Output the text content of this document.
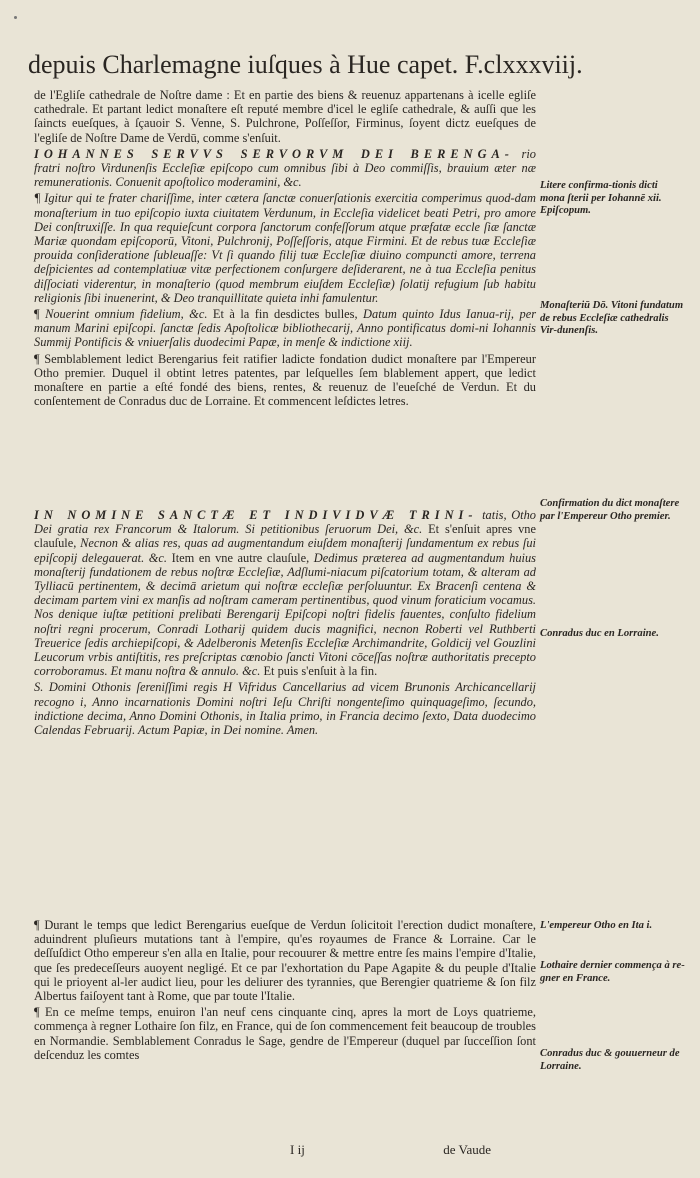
depuis Charlemagne iuſques à Hue capet. F.clxxxviij.

de l'Egliſe cathedrale de Noſtre dame : Et en partie des biens & reuenuz appartenans à icelle egliſe cathedrale. Et partant ledict monaſtere eſt reputé membre d'icel le egliſe cathedrale, & auſſi que les ſaincts eueſques, à ſçauoir S. Venne, S. Pulchrone, Poſſeſſor, Firminus, ſoyent dictz eueſques de l'egliſe de Noſtre Dame de Verdū, comme s'enſuit.

IOHANNES SERVVS SERVORVM DEI BERENGA- rio fratri noſtro Virdunenſis Eccleſiæ epiſcopo cum omnibus ſibi à Deo commiſſis, brauium æter næ remunerationis. Conuenit apoſtolico moderamini, &c.

¶ Igitur qui te frater chariſſime, inter cætera ſanctæ conuerſationis exercitia comperimus quod-dam monaſterium in tuo epiſcopio iuxta ciuitatem Verdunum, in Eccleſia videlicet beati Petri, pro amore Dei conſtruxiſſe. In qua requieſcunt corpora ſanctorum confeſſorum atque præfatæ eccle ſiæ ſanctæ Mariæ quondam epiſcoporū, Vitoni, Pulchronij, Poſſeſſoris, atque Firmini. Et de rebus tuæ Eccleſiæ prouida conſideratione ſubleuaſſe: Vt ſi quando filij tuæ Eccleſiæ diuino compuncti amore, terrena deſpicientes ad contemplatiuæ vitæ perfectionem conſurgere deſiderarent, ne à tua Eccleſia penitus diſſociati viderentur, in monaſterio (quod membrum eiuſdem Eccleſiæ) ſolatij refugium ſub habitu religionis ſibi inuenerint, & Deo tranquillitate quieta inhi famulentur.

¶ Nouerint omnium fidelium, &c. Et à la fin desdictes bulles, Datum quinto Idus Ianua-rij, per manum Marini epiſcopi. ſanctæ ſedis Apoſtolicæ bibliothecarij, Anno pontificatus domi-ni Iohannis Summij Pontificis & vniuerſalis duodecimi Papæ, in menſe & indictione xiij.

¶ Semblablement ledict Berengarius feit ratifier ladicte fondation dudict monaſtere par l'Empereur Otho premier. Duquel il obtint letres patentes, par leſquelles ſem blablement appert, que ledict monaſtere en partie a eſté fondé des biens, rentes, & reuenuz de l'eueſché de Verdun. Et du conſentement de Conradus duc de Lorraine. Et commencent leſdictes letres.

IN NOMINE SANCTÆ ET INDIVIDVÆ TRINI- tatis, Otho Dei gratia rex Francorum & Italorum. Si petitionibus ſeruorum Dei, &c. Et s'enſuit apres vne clauſule, Necnon & alias res, quas ad augmentandum eiuſdem monaſterij ſundamentum ex rebus ſui epiſcopij delegauerat. &c. Item en vne autre clauſule, Dedimus præterea ad augmentandum huius monaſterij fundationem de rebus noſtræ Eccleſiæ, Adſlumi-niacum piſcatorium totam, & alteram ad Tylliacū pertinentem, & decimā arietum qui noſtræ eccleſiæ perſoluuntur. Ex Bracenſi centena & decimam partem vini ex manſis ad noſtram cameram pertinentibus, quod vinum foraticium vocamus. Nos denique iuſtæ petitioni prelibati Berengarij Epiſcopi noſtri fidelis fauentes, conſulto fidelium noſtri regni procerum, Conradi Lotharij quidem ducis magnifici, necnon Roberti vel Ruthberti Treuerice ſedis archiepiſcopi, & Adelberonis Metenſis Eccleſiæ Archimandrite, Goldicij vel Gouzlini Leucorum vrbis antiſtitis, res preſcriptas cœnobio ſancti Vitoni cōceſſas noſtræ authoritatis precepto corroboramus. Et manu noſtra & annulo. &c. Et puis s'enſuit à la fin.

S. Domini Othonis ſereniſſimi regis H Vifridus Cancellarius ad vicem Brunonis Archicancellarij recogno i, Anno incarnationis Domini noſtri Ieſu Chriſti nongenteſimo quinquageſimo, ſecundo, indictione decima, Anno Domini Othonis, in Italia primo, in Francia decimo ſexto, Data duodecimo Calendas Februarij. Actum Papiæ, in Dei nomine. Amen.

¶ Durant le temps que ledict Berengarius eueſque de Verdun ſolicitoit l'erection dudict monaſtere, aduindrent pluſieurs mutations tant à l'empire, qu'es royaumes de France & Lorraine. Car le deſſuſdict Otho empereur s'en alla en Italie, pour recouurer & mettre entre ſes mains l'empire d'Italie, que ſes predeceſſeurs auoyent negligé. Et ce par l'exhortation du Pape Agapite & du peuple d'Italie qui le prioyent al-ler audict lieu, pour les deliurer des tyrannies, que Berengier quatrieme & ſon filz Albertus faiſoyent tant à Rome, que par toute l'Italie.

¶ En ce meſme temps, enuiron l'an neuf cens cinquante cinq, apres la mort de Loys quatrieme, commença à regner Lothaire ſon filz, en France, qui de ſon commencement feit beaucoup de troubles en Normandie. Semblablement Conradus le Sage, gendre de l'Empereur (duquel par ſucceſſion ſont deſcenduz les comtes

Litere confirma-tionis dicti mona ſterii per Iohannē xii. Epiſcopum.

Monaſteriū Dō. Vitoni fundatum de rebus Eccleſiæ cathedralis Vir-dunenſis.

Confirmation du dict monaſtere par l'Empereur Otho premier.

Conradus duc en Lorraine.

L'empereur Otho en Ita i.

Lothaire dernier commença à re-gner en France.

Conradus duc & gouuerneur de Lorraine.

I ij	de Vaude
